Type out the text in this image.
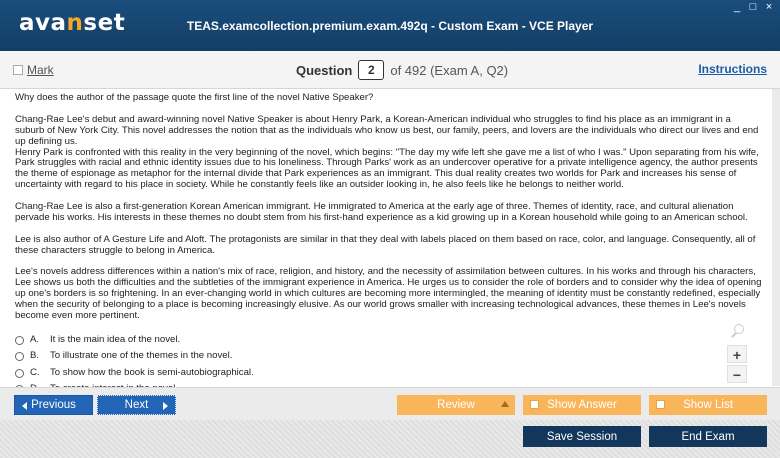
avanset	TEAS.examcollection.premium.exam.492q - Custom Exam - VCE Player
_ □ ×
Mark	Question	2	of 492 (Exam A, Q2)	Instructions

Why does the author of the passage quote the first line of the novel Native Speaker?

Chang-Rae Lee's debut and award-winning novel Native Speaker is about Henry Park, a Korean-American individual who struggles to find his place as an immigrant in a suburb of New York City. This novel addresses the notion that as the individuals who know us best, our family, peers, and lovers are the individuals who direct our lives and end up defining us.

Henry Park is confronted with this reality in the very beginning of the novel, which begins: "The day my wife left she gave me a list of who I was." Upon separating from his wife, Park struggles with racial and ethnic identity issues due to his loneliness. Through Parks' work as an undercover operative for a private intelligence agency, the author presents the theme of espionage as metaphor for the internal divide that Park experiences as an immigrant. This dual reality creates two worlds for Park and increases his sense of uncertainty with regard to his place in society. While he constantly feels like an outsider looking in, he also feels like he belongs to neither world.

Chang-Rae Lee is also a first-generation Korean American immigrant. He immigrated to America at the early age of three. Themes of identity, race, and cultural alienation pervade his works. His interests in these themes no doubt stem from his first-hand experience as a kid growing up in a Korean household while going to an American school.

Lee is also author of A Gesture Life and Aloft. The protagonists are similar in that they deal with labels placed on them based on race, color, and language. Consequently, all of these characters struggle to belong in America.

Lee's novels address differences within a nation's mix of race, religion, and history, and the necessity of assimilation between cultures. In his works and through his characters, Lee shows us both the difficulties and the subtleties of the immigrant experience in America. He urges us to consider the role of borders and to consider why the idea of opening up one's borders is so frightening. In an ever-changing world in which cultures are becoming more intermingled, the meaning of identity must be constantly redefined, especially when the security of belonging to a place is becoming increasingly elusive. As our world grows smaller with increasing technological advances, these themes in Lee's novels become even more pertinent.

A.	It is the main idea of the novel.
B.	To illustrate one of the themes in the novel.
C.	To show how the book is semi-autobiographical.
+
−
Previous	Next	Review	Show Answer	Show List
Save Session	End Exam
